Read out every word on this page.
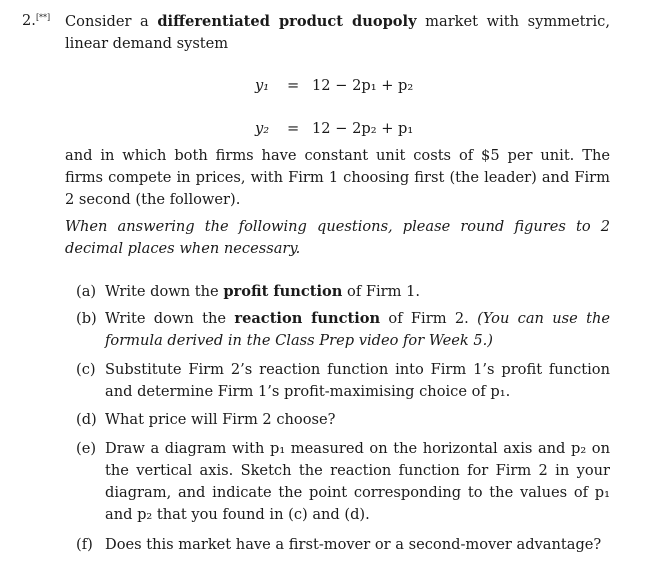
2.[**] Consider a differentiated product duopoly market with symmetric, linear demand system
y₁ = 12 − 2p₁ + p₂
y₂ = 12 − 2p₂ + p₁
and in which both firms have constant unit costs of $5 per unit. The firms compete in prices, with Firm 1 choosing first (the leader) and Firm 2 second (the follower).
When answering the following questions, please round figures to 2 decimal places when necessary.
(a) Write down the profit function of Firm 1.
(b) Write down the reaction function of Firm 2. (You can use the formula derived in the Class Prep video for Week 5.)
(c) Substitute Firm 2’s reaction function into Firm 1’s profit function and determine Firm 1’s profit-maximising choice of p₁.
(d) What price will Firm 2 choose?
(e) Draw a diagram with p₁ measured on the horizontal axis and p₂ on the vertical axis. Sketch the reaction function for Firm 2 in your diagram, and indicate the point corresponding to the values of p₁ and p₂ that you found in (c) and (d).
(f) Does this market have a first-mover or a second-mover advantage?
